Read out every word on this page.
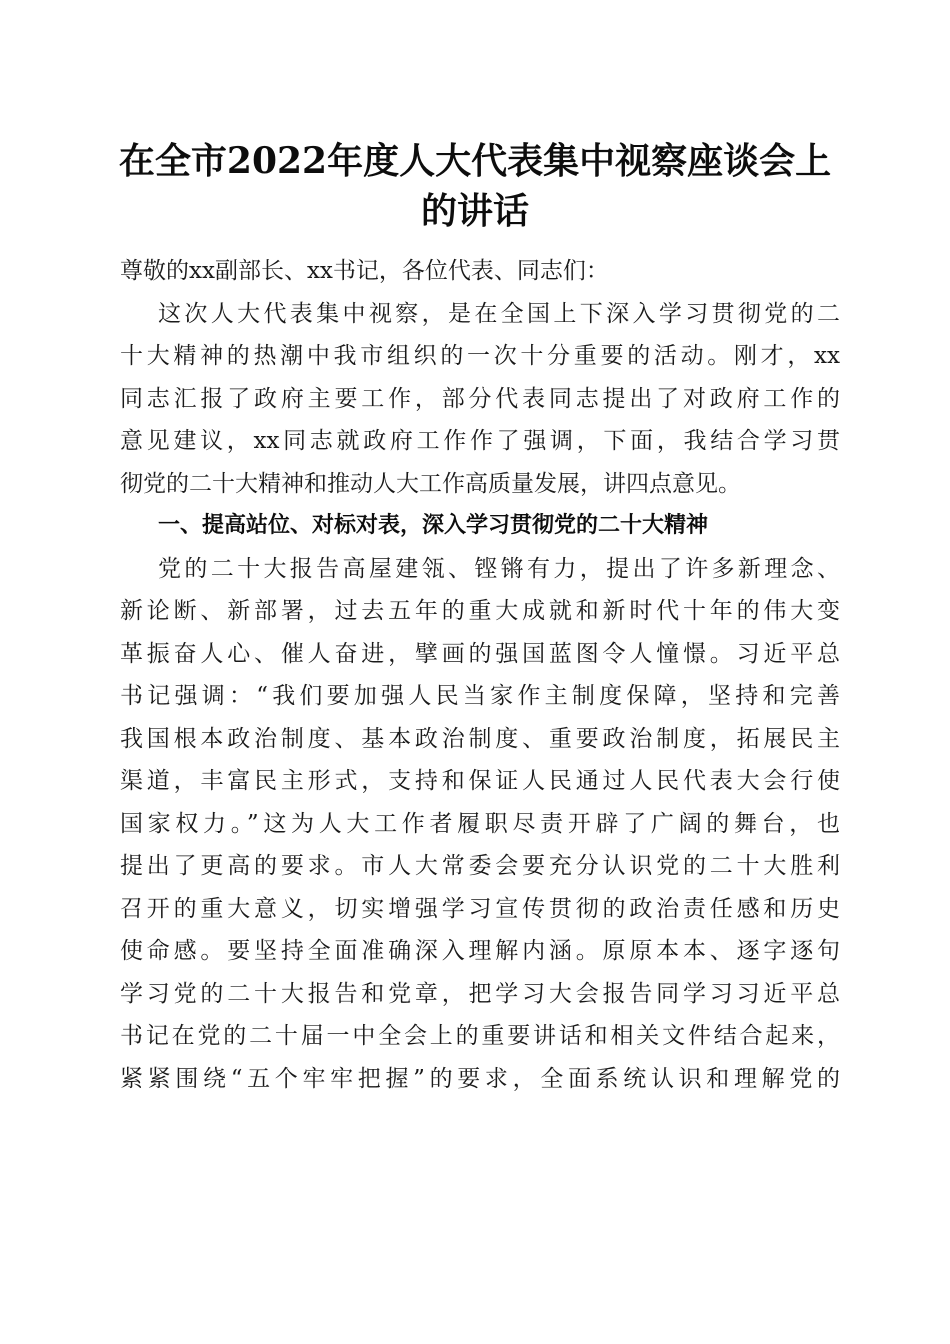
在全市2022年度人大代表集中视察座谈会上
的讲话
尊敬的xx副部长、xx书记，各位代表、同志们：
这次人大代表集中视察，是在全国上下深入学习贯彻党的二
十大精神的热潮中我市组织的一次十分重要的活动。刚才，xx
同志汇报了政府主要工作，部分代表同志提出了对政府工作的
意见建议，xx同志就政府工作作了强调，下面，我结合学习贯
彻党的二十大精神和推动人大工作高质量发展，讲四点意见。
一、提高站位、对标对表，深入学习贯彻党的二十大精神
党的二十大报告高屋建瓴、铿锵有力，提出了许多新理念、
新论断、新部署，过去五年的重大成就和新时代十年的伟大变
革振奋人心、催人奋进，擘画的强国蓝图令人憧憬。习近平总
书记强调：“我们要加强人民当家作主制度保障，坚持和完善
我国根本政治制度、基本政治制度、重要政治制度，拓展民主
渠道，丰富民主形式，支持和保证人民通过人民代表大会行使
国家权力。”这为人大工作者履职尽责开辟了广阔的舞台，也
提出了更高的要求。市人大常委会要充分认识党的二十大胜利
召开的重大意义，切实增强学习宣传贯彻的政治责任感和历史
使命感。要坚持全面准确深入理解内涵。原原本本、逐字逐句
学习党的二十大报告和党章，把学习大会报告同学习习近平总
书记在党的二十届一中全会上的重要讲话和相关文件结合起来，
紧紧围绕“五个牢牢把握”的要求，全面系统认识和理解党的
